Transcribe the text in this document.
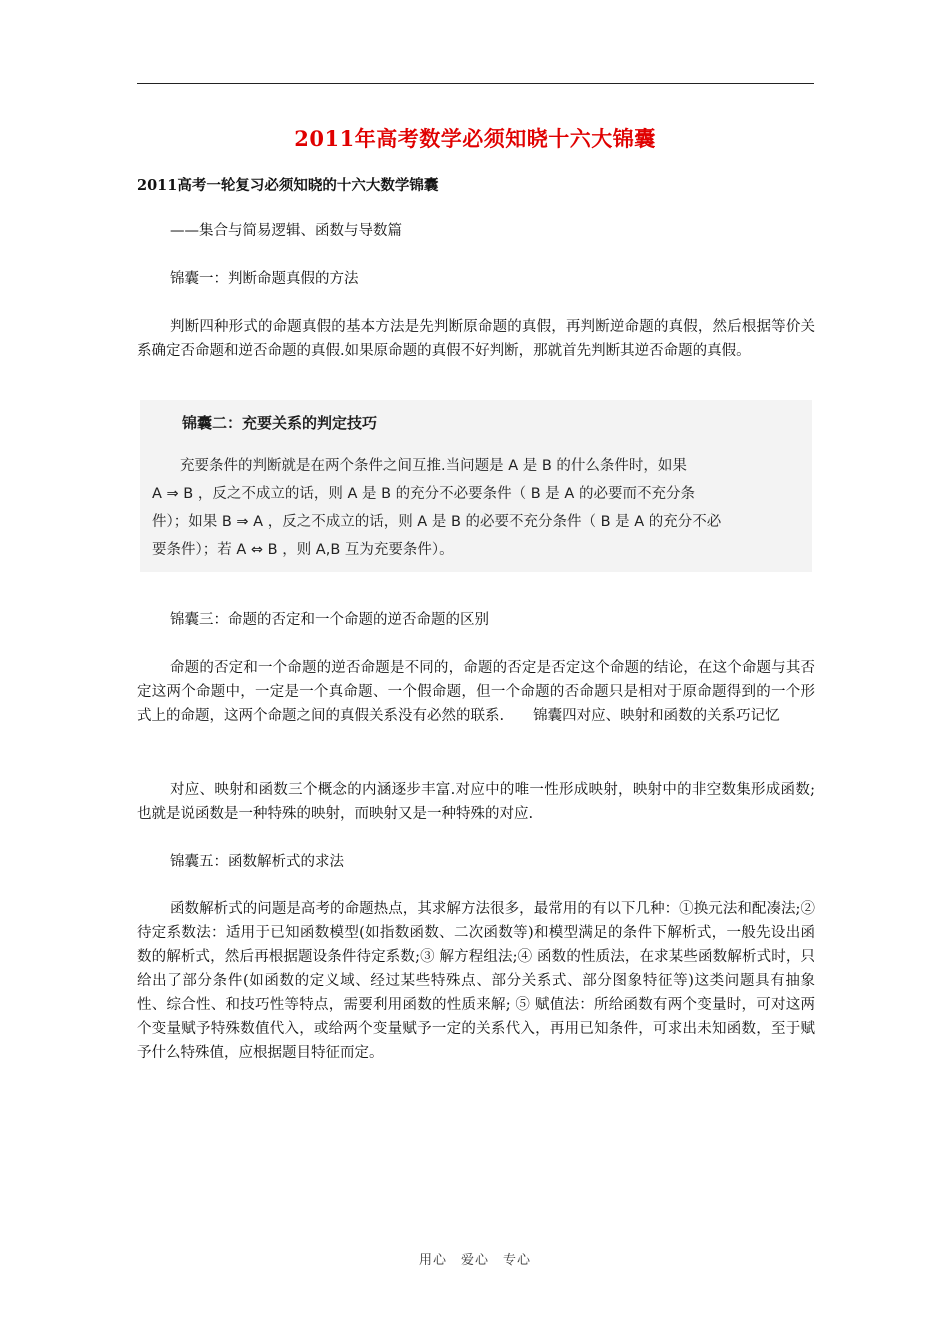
2011年高考数学必须知晓十六大锦囊
2011高考一轮复习必须知晓的十六大数学锦囊
——集合与简易逻辑、函数与导数篇
锦囊一：判断命题真假的方法
判断四种形式的命题真假的基本方法是先判断原命题的真假，再判断逆命题的真假，然后根据等价关系确定否命题和逆否命题的真假.如果原命题的真假不好判断，那就首先判断其逆否命题的真假。
锦囊二：充要关系的判定技巧
充要条件的判断就是在两个条件之间互推.当问题是 A 是 B 的什么条件时，如果
A ⇒ B ，反之不成立的话，则 A 是 B 的充分不必要条件（ B 是 A 的必要而不充分条
件）；如果 B ⇒ A ，反之不成立的话，则 A 是 B 的必要不充分条件（ B 是 A 的充分不必
要条件）；若 A ⇔ B ，则 A,B 互为充要条件）。
锦囊三：命题的否定和一个命题的逆否命题的区别
命题的否定和一个命题的逆否命题是不同的，命题的否定是否定这个命题的结论，在这个命题与其否定这两个命题中，一定是一个真命题、一个假命题，但一个命题的否命题只是相对于原命题得到的一个形式上的命题，这两个命题之间的真假关系没有必然的联系.　　锦囊四对应、映射和函数的关系巧记忆
对应、映射和函数三个概念的内涵逐步丰富.对应中的唯一性形成映射，映射中的非空数集形成函数;也就是说函数是一种特殊的映射，而映射又是一种特殊的对应.
锦囊五：函数解析式的求法
函数解析式的问题是高考的命题热点，其求解方法很多，最常用的有以下几种：①换元法和配凑法;② 待定系数法：适用于已知函数模型(如指数函数、二次函数等)和模型满足的条件下解析式，一般先设出函数的解析式，然后再根据题设条件待定系数;③ 解方程组法;④ 函数的性质法，在求某些函数解析式时，只给出了部分条件(如函数的定义域、经过某些特殊点、部分关系式、部分图象特征等)这类问题具有抽象性、综合性、和技巧性等特点，需要利用函数的性质来解; ⑤ 赋值法：所给函数有两个变量时，可对这两个变量赋予特殊数值代入，或给两个变量赋予一定的关系代入，再用已知条件，可求出未知函数，至于赋予什么特殊值，应根据题目特征而定。
用心　爱心　专心
